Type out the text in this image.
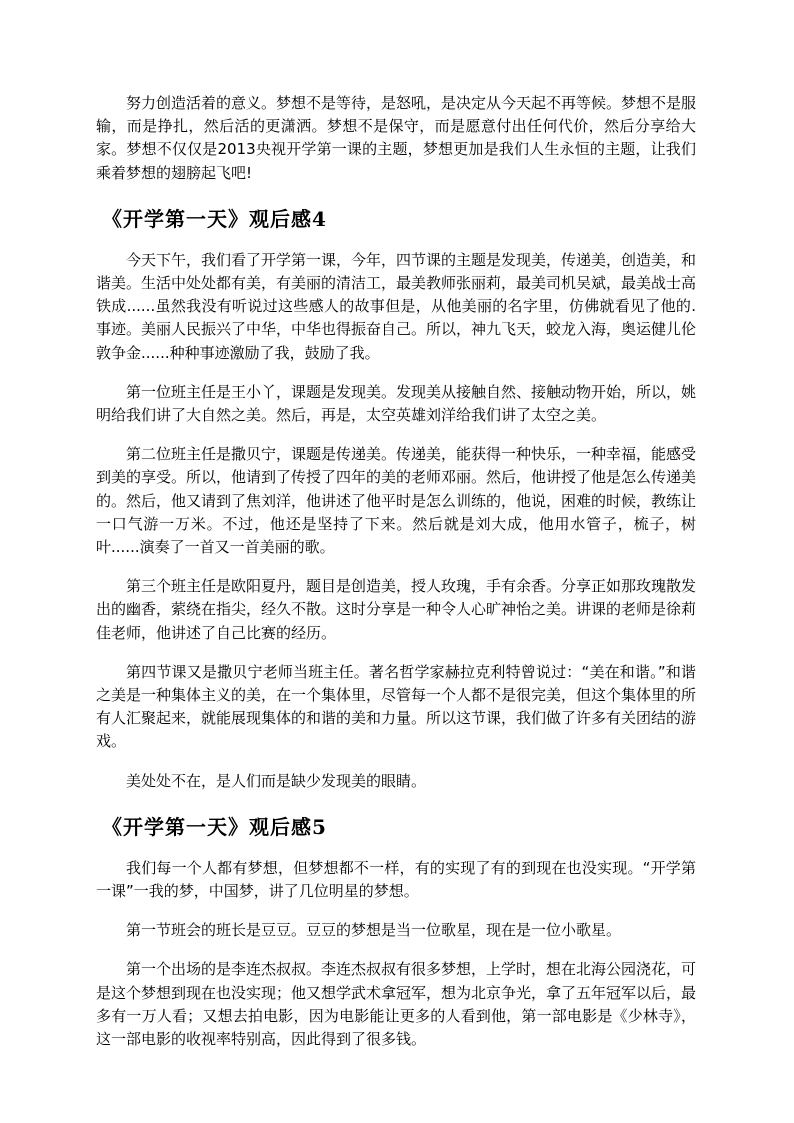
努力创造活着的意义。梦想不是等待，是怒吼，是决定从今天起不再等候。梦想不是服输，而是挣扎，然后活的更潇洒。梦想不是保守，而是愿意付出任何代价，然后分享给大家。梦想不仅仅是2013央视开学第一课的主题，梦想更加是我们人生永恒的主题，让我们乘着梦想的翅膀起飞吧!

《开学第一天》观后感4

今天下午，我们看了开学第一课，今年，四节课的主题是发现美，传递美，创造美，和谐美。生活中处处都有美，有美丽的清洁工，最美教师张丽莉，最美司机吴斌，最美战士高铁成......虽然我没有听说过这些感人的故事但是，从他美丽的名字里，仿佛就看见了他的.事迹。美丽人民振兴了中华，中华也得振奋自己。所以，神九飞天，蛟龙入海，奥运健儿伦敦争金......种种事迹激励了我，鼓励了我。

第一位班主任是王小丫，课题是发现美。发现美从接触自然、接触动物开始，所以，姚明给我们讲了大自然之美。然后，再是，太空英雄刘洋给我们讲了太空之美。

第二位班主任是撒贝宁，课题是传递美。传递美，能获得一种快乐，一种幸福，能感受到美的享受。所以，他请到了传授了四年的美的老师邓丽。然后，他讲授了他是怎么传递美的。然后，他又请到了焦刘洋，他讲述了他平时是怎么训练的，他说，困难的时候，教练让一口气游一万米。不过，他还是坚持了下来。然后就是刘大成，他用水管子，梳子，树叶......演奏了一首又一首美丽的歌。

第三个班主任是欧阳夏丹，题目是创造美，授人玫瑰，手有余香。分享正如那玫瑰散发出的幽香，萦绕在指尖，经久不散。这时分享是一种令人心旷神怡之美。讲课的老师是徐莉佳老师，他讲述了自己比赛的经历。

第四节课又是撒贝宁老师当班主任。著名哲学家赫拉克利特曾说过：“美在和谐。”和谐之美是一种集体主义的美，在一个集体里，尽管每一个人都不是很完美，但这个集体里的所有人汇聚起来，就能展现集体的和谐的美和力量。所以这节课，我们做了许多有关团结的游戏。

美处处不在，是人们而是缺少发现美的眼睛。

《开学第一天》观后感5

我们每一个人都有梦想，但梦想都不一样，有的实现了有的到现在也没实现。“开学第一课”一我的梦，中国梦，讲了几位明星的梦想。

第一节班会的班长是豆豆。豆豆的梦想是当一位歌星，现在是一位小歌星。

第一个出场的是李连杰叔叔。李连杰叔叔有很多梦想，上学时，想在北海公园浇花，可是这个梦想到现在也没实现；他又想学武术拿冠军，想为北京争光，拿了五年冠军以后，最多有一万人看；又想去拍电影，因为电影能让更多的人看到他，第一部电影是《少林寺》，这一部电影的收视率特别高，因此得到了很多钱。
